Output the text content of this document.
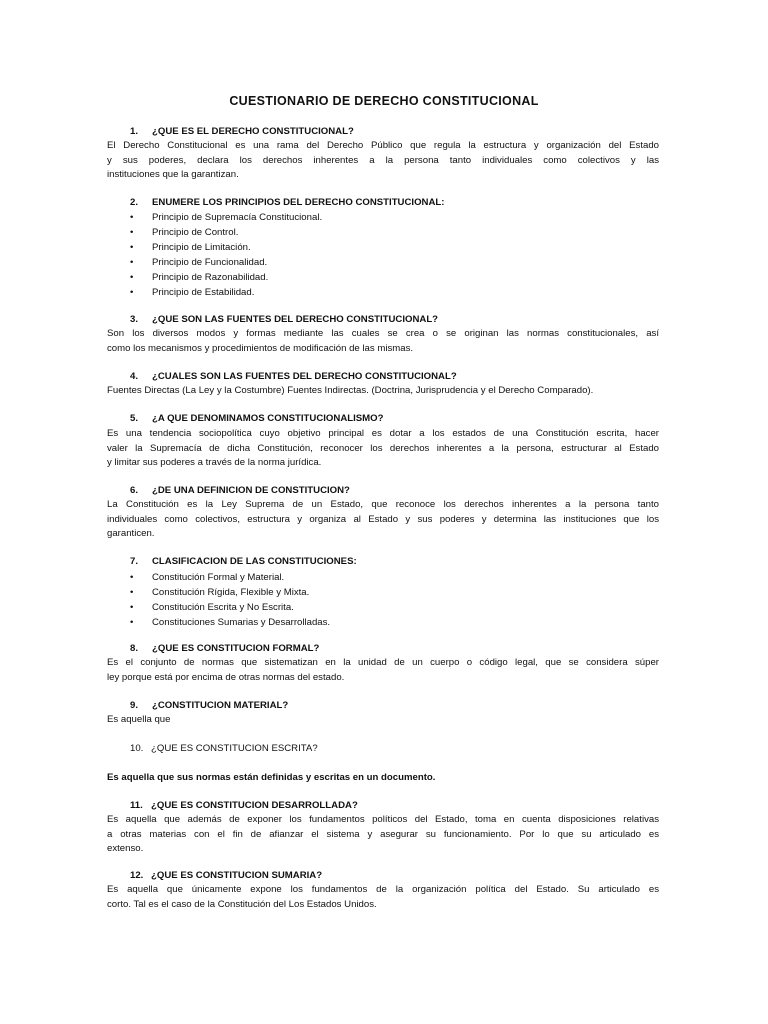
CUESTIONARIO DE DERECHO CONSTITUCIONAL
1. ¿QUE ES EL DERECHO CONSTITUCIONAL?
El Derecho Constitucional es una rama del Derecho Público que regula la estructura y organización del Estado
y sus poderes, declara los derechos inherentes a la persona tanto individuales como colectivos y las
instituciones que la garantizan.
2. ENUMERE LOS PRINCIPIOS DEL DERECHO CONSTITUCIONAL:
• Principio de Supremacía Constitucional.
• Principio de Control.
• Principio de Limitación.
• Principio de Funcionalidad.
• Principio de Razonabilidad.
• Principio de Estabilidad.
3. ¿QUE SON LAS FUENTES DEL DERECHO CONSTITUCIONAL?
Son los diversos modos y formas mediante las cuales se crea o se originan las normas constitucionales, así
como los mecanismos y procedimientos de modificación de las mismas.
4. ¿CUALES SON LAS FUENTES DEL DERECHO CONSTITUCIONAL?
Fuentes Directas (La Ley y la Costumbre) Fuentes Indirectas. (Doctrina, Jurisprudencia y el Derecho Comparado).
5. ¿A QUE DENOMINAMOS CONSTITUCIONALISMO?
Es una tendencia sociopolítica cuyo objetivo principal es dotar a los estados de una Constitución escrita, hacer
valer la Supremacía de dicha Constitución, reconocer los derechos inherentes a la persona, estructurar al Estado
y limitar sus poderes a través de la norma jurídica.
6. ¿DE UNA DEFINICION DE CONSTITUCION?
La Constitución es la Ley Suprema de un Estado, que reconoce los derechos inherentes a la persona tanto
individuales como colectivos, estructura y organiza al Estado y sus poderes y determina las instituciones que los
garanticen.
7. CLASIFICACION DE LAS CONSTITUCIONES:
• Constitución Formal y Material.
• Constitución Rígida, Flexible y Mixta.
• Constitución Escrita y No Escrita.
• Constituciones Sumarias y Desarrolladas.
8. ¿QUE ES CONSTITUCION FORMAL?
Es el conjunto de normas que sistematizan en la unidad de un cuerpo o código legal, que se considera súper
ley porque está por encima de otras normas del estado.
9. ¿CONSTITUCION MATERIAL?
Es aquella que
10. ¿QUE ES CONSTITUCION ESCRITA?
Es aquella que sus normas están definidas y escritas en un documento.
11. ¿QUE ES CONSTITUCION DESARROLLADA?
Es aquella que además de exponer los fundamentos políticos del Estado, toma en cuenta disposiciones relativas
a otras materias con el fin de afianzar el sistema y asegurar su funcionamiento. Por lo que su articulado es
extenso.
12. ¿QUE ES CONSTITUCION SUMARIA?
Es aquella que únicamente expone los fundamentos de la organización política del Estado. Su articulado es
corto. Tal es el caso de la Constitución del Los Estados Unidos.
